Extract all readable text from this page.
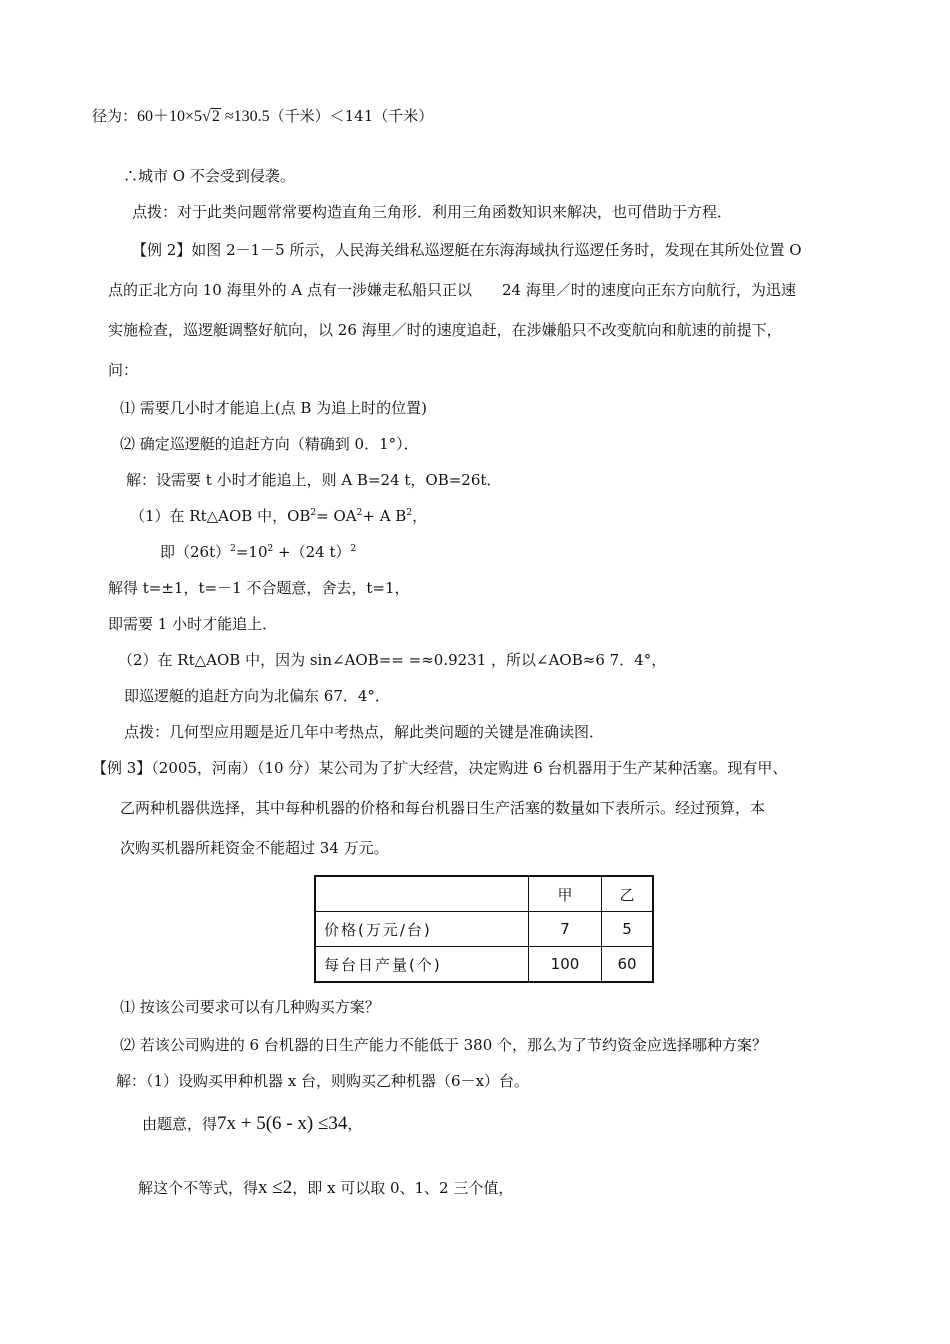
径为：60＋10×5√2 ≈130.5（千米）＜141（千米）
∴城市 O 不会受到侵袭。
点拨：对于此类问题常常要构造直角三角形．利用三角函数知识来解决，也可借助于方程．
【例 2】如图 2－1－5 所示，人民海关缉私巡逻艇在东海海域执行巡逻任务时，发现在其所处位置 O
点的正北方向 10 海里外的 A 点有一涉嫌走私船只正以　　24 海里／时的速度向正东方向航行，为迅速
实施检查，巡逻艇调整好航向，以 26 海里／时的速度追赶，在涉嫌船只不改变航向和航速的前提下，
问：
⑴ 需要几小时才能追上(点 B 为追上时的位置)
⑵ 确定巡逻艇的追赶方向（精确到 0．1°）．
解：设需要 t 小时才能追上，则 A B=24 t，OB=26t．
（1）在 Rt△AOB 中，$OB^2= OA^2+ A$ $B^2$，
即$(26t)^2=10^2 +(24$ t）$^2$
解得 t=±1，t=－1 不合题意，舍去，t=1，
即需要 1 小时才能追上．
（2）在 Rt△AOB 中，因为 sin∠AOB== =≈0.9231 ，所以∠AOB≈6 7．4°，
即巡逻艇的追赶方向为北偏东 67．4°．
点拨：几何型应用题是近几年中考热点，解此类问题的关键是准确读图．
【例 3】（2005，河南）（10 分）某公司为了扩大经营，决定购进 6 台机器用于生产某种活塞。现有甲、
乙两种机器供选择，其中每种机器的价格和每台机器日生产活塞的数量如下表所示。经过预算，本
次购买机器所耗资金不能超过 34 万元。
	甲	乙
价格(万元/台)	7	5
每台日产量(个)	100	60
⑴ 按该公司要求可以有几种购买方案？
⑵ 若该公司购进的 6 台机器的日生产能力不能低于 380 个，那么为了节约资金应选择哪种方案？
解：（1）设购买甲种机器 x 台，则购买乙种机器（6－x）台。
由题意，得7x + 5(6 - x) ≤34，
解这个不等式，得x ≤2，即 x 可以取 0、1、2 三个值，
